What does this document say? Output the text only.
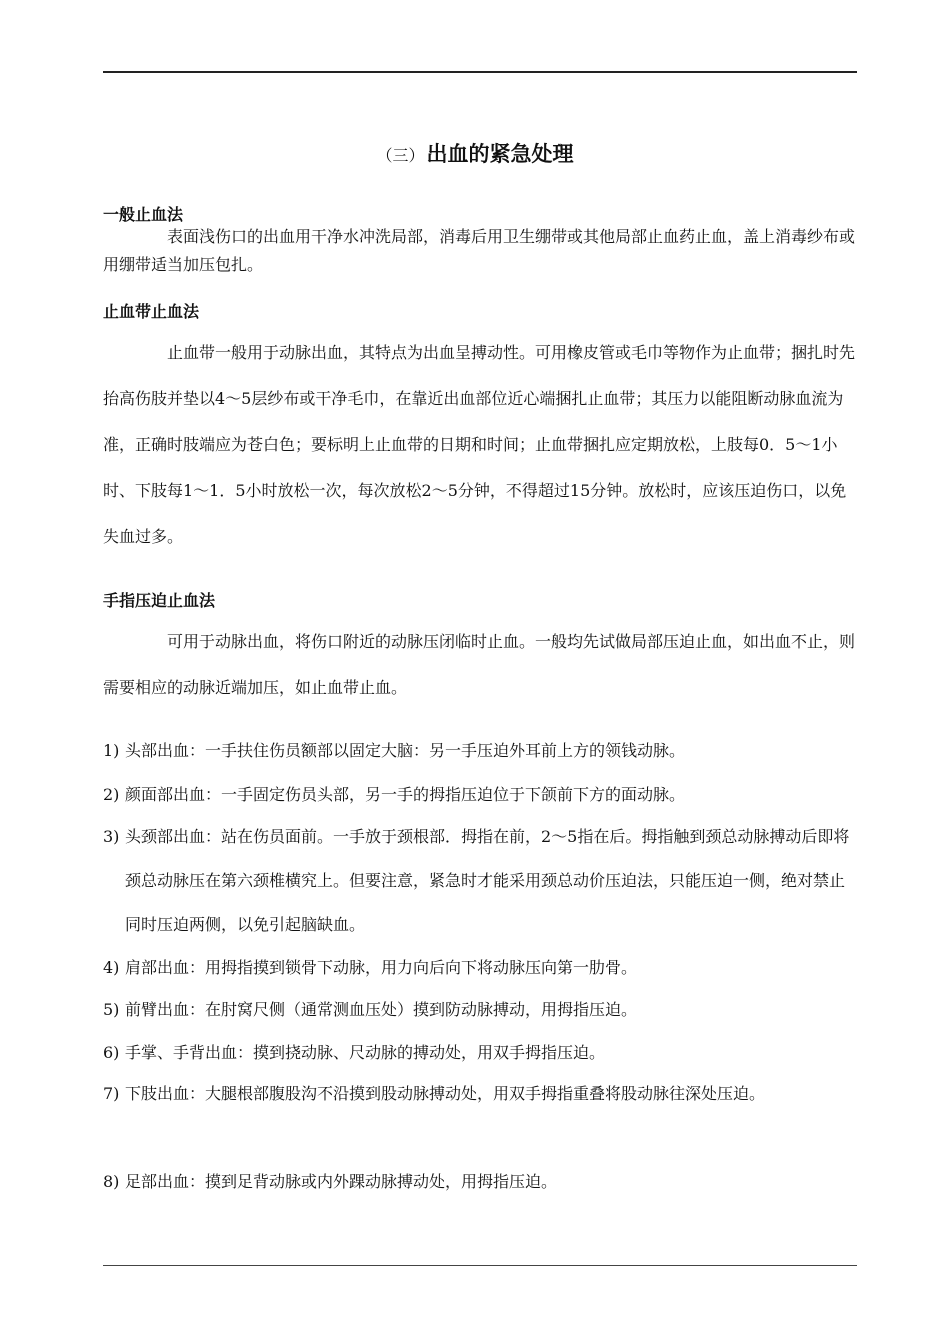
（三）出血的紧急处理
一般止血法
表面浅伤口的出血用干净水冲洗局部，消毒后用卫生绷带或其他局部止血药止血，盖上消毒纱布或用绷带适当加压包扎。
止血带止血法
止血带一般用于动脉出血，其特点为出血呈搏动性。可用橡皮管或毛巾等物作为止血带；捆扎时先抬高伤肢并垫以4～5层纱布或干净毛巾，在靠近出血部位近心端捆扎止血带；其压力以能阻断动脉血流为准，正确时肢端应为苍白色；要标明上止血带的日期和时间；止血带捆扎应定期放松，上肢每0．5～1小时、下肢每1～1．5小时放松一次，每次放松2～5分钟，不得超过15分钟。放松时，应该压迫伤口，以免失血过多。
手指压迫止血法
可用于动脉出血，将伤口附近的动脉压闭临时止血。一般均先试做局部压迫止血，如出血不止，则需要相应的动脉近端加压，如止血带止血。
1) 头部出血：一手扶住伤员额部以固定大脑：另一手压迫外耳前上方的领钱动脉。
2) 颜面部出血：一手固定伤员头部，另一手的拇指压迫位于下颌前下方的面动脉。
3) 头颈部出血：站在伤员面前。一手放于颈根部．拇指在前，2～5指在后。拇指触到颈总动脉搏动后即将颈总动脉压在第六颈椎横究上。但要注意，紧急时才能采用颈总动价压迫法，只能压迫一侧，绝对禁止同时压迫两侧，以免引起脑缺血。
4) 肩部出血：用拇指摸到锁骨下动脉，用力向后向下将动脉压向第一肋骨。
5) 前臂出血：在肘窝尺侧（通常测血压处）摸到防动脉搏动，用拇指压迫。
6) 手掌、手背出血：摸到挠动脉、尺动脉的搏动处，用双手拇指压迫。
7) 下肢出血：大腿根部腹股沟不沿摸到股动脉搏动处，用双手拇指重叠将股动脉往深处压迫。
8) 足部出血：摸到足背动脉或内外踝动脉搏动处，用拇指压迫。
